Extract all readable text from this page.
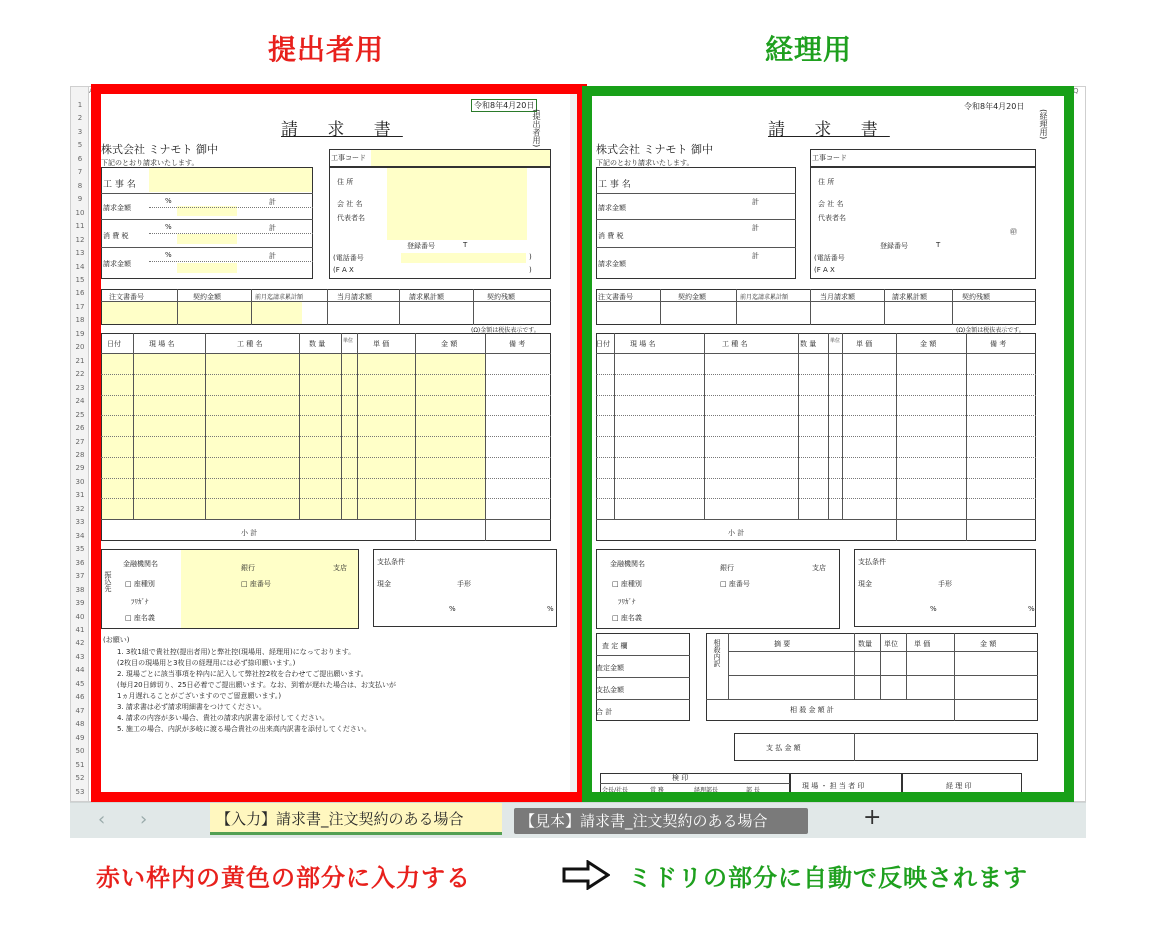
提出者用	経理用
1
2
3
5
6
7
8
9
10
11
12
13
14
15
16
17
18
19
20
21
22
23
24
25
26
27
28
29
30
31
32
33
34
35
36
37
38
39
40
41
42
43
44
45
46
47
48
49
50
51
52
53
A	Q
令和8年4月20日
(提出者用)
請 求 書
株式会社 ミナモト 御中
下記のとおり請求いたします。
工事コード
工 事 名
請求金額
%	計
消 費 税
%	計
請求金額
%	計
住 所
会 社 名
代表者名
登録番号	T
(電話番号
(F A X
)
)
注文書番号	契約金額	前月迄請求累計額	当月請求額	請求累計額	契約残額
(Ω)金額は税抜表示です。
日付	現 場 名	工 種 名	数 量	単位	単 価	金 額	備 考
小 計
振込先
金融機関名	銀行	支店
□ 座種別	□ 座番号
ﾌﾘｶﾞﾅ
□ 座名義
支払条件
現金	手形
%	%
(お願い)
1. 3枚1組で貴社控(提出者用)と弊社控(現場用、経理用)になっております。
(2枚目の現場用と3枚目の経理用には必ず捺印願います。)
2. 現場ごとに該当事項を枠内に記入して弊社控2枚を合わせてご提出願います。
(毎月20日締切り、25日必着でご提出願います。なお、到着が遅れた場合は、お支払いが
1ヵ月遅れることがございますのでご留意願います。)
3. 請求書は必ず請求明細書をつけてください。
4. 請求の内容が多い場合、貴社の請求内訳書を添付してください。
5. 施工の場合、内訳が多岐に渡る場合貴社の出来高内訳書を添付してください。
令和8年4月20日
(経理用)
請 求 書
株式会社 ミナモト 御中
下記のとおり請求いたします。
工事コード
工 事 名
請求金額
計
消 費 税
計
請求金額
計
住 所
会 社 名
代表者名
㊞
登録番号	T
(電話番号
(F A X
注文書番号	契約金額	前月迄請求累計額	当月請求額	請求累計額	契約残額
(Ω)金額は税抜表示です。
日付	現 場 名	工 種 名	数 量	単位 単 価	金 額	備 考
小 計
金融機関名	銀行	支店
□ 座種別	□ 座番号
ﾌﾘｶﾞﾅ
□ 座名義
支払条件
現金	手形
%	%
査 定 欄
査定金額
支払金額
合 計
相殺内訳	摘 要	数量 単位 単 価	金 額
相 殺 金 額 計
支 払 金 額
検 印
会長/社長	常 務	経理部長	部 長
現 場 ・ 担 当 者 印	経 理 印
‹ ›	【入力】請求書_注文契約のある場合	【見本】請求書_注文契約のある場合	+
赤い枠内の黄色の部分に入力する	ミドリの部分に自動で反映されます
